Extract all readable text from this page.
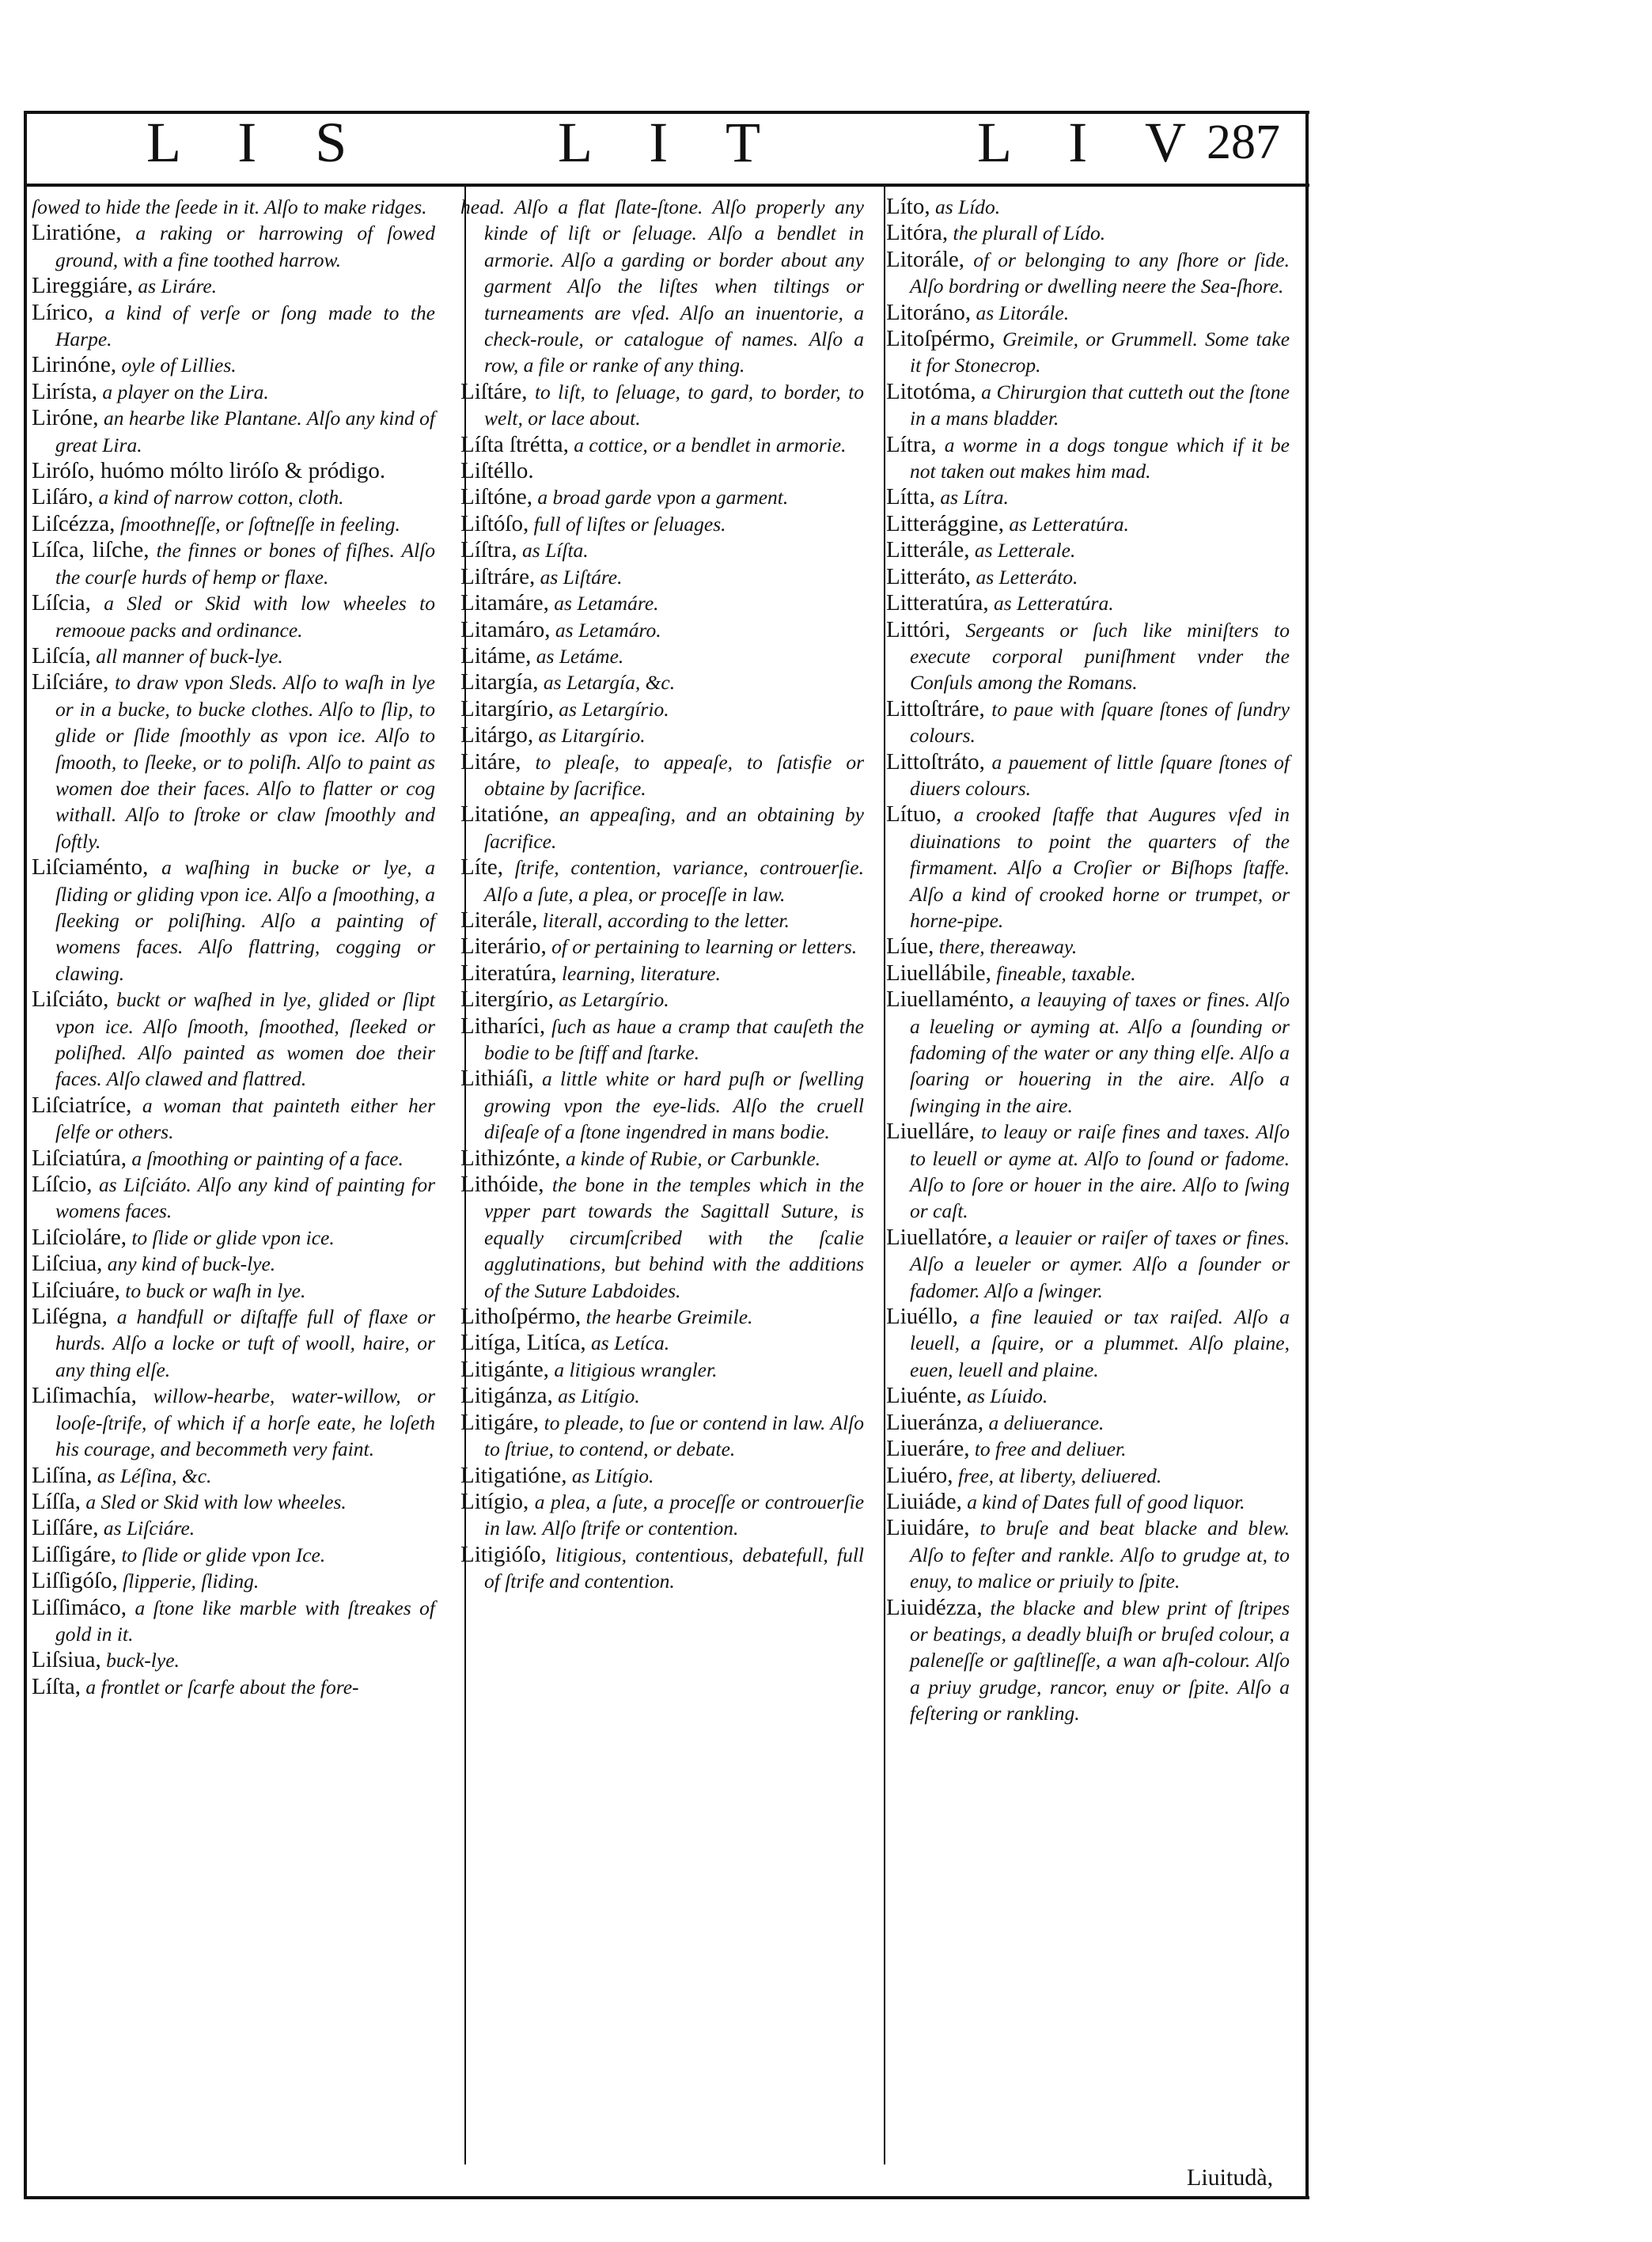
L I S	L I T	L I V
287
ſowed to hide the ſeede in it. Alſo to make ridges.
Liratióne, a raking or harrowing of ſowed ground, with a fine toothed harrow.
Lireggiáre, as Liráre.
Lírico, a kind of verſe or ſong made to the Harpe.
Lirinóne, oyle of Lillies.
Lirísta, a player on the Lira.
Liróne, an hearbe like Plantane. Alſo any kind of great Lira.
Liróſo, huómo mólto liróſo & pródigo.
Liſáro, a kind of narrow cotton, cloth.
Liſcézza, ſmoothneſſe, or ſoftneſſe in feeling.
Líſca, liſche, the finnes or bones of fiſhes. Alſo the courſe hurds of hemp or flaxe.
Líſcia, a Sled or Skid with low wheeles to remooue packs and ordinance.
Liſcía, all manner of buck-lye.
Liſciáre, to draw vpon Sleds. Alſo to waſh in lye or in a bucke, to bucke clothes. Alſo to ſlip, to glide or ſlide ſmoothly as vpon ice. Alſo to ſmooth, to ſleeke, or to poliſh. Alſo to paint as women doe their faces. Alſo to flatter or cog withall. Alſo to ſtroke or claw ſmoothly and ſoftly.
Liſciaménto, a waſhing in bucke or lye, a ſliding or gliding vpon ice. Alſo a ſmoothing, a ſleeking or poliſhing. Alſo a painting of womens faces. Alſo flattring, cogging or clawing.
Liſciáto, buckt or waſhed in lye, glided or ſlipt vpon ice. Alſo ſmooth, ſmoothed, ſleeked or poliſhed. Alſo painted as women doe their faces. Alſo clawed and flattred.
Liſciatríce, a woman that painteth either her ſelfe or others.
Liſciatúra, a ſmoothing or painting of a face.
Líſcio, as Liſciáto. Alſo any kind of painting for womens faces.
Liſcioláre, to ſlide or glide vpon ice.
Liſciua, any kind of buck-lye.
Liſciuáre, to buck or waſh in lye.
Liſégna, a handfull or diſtaffe full of flaxe or hurds. Alſo a locke or tuft of wooll, haire, or any thing elſe.
Liſimachía, willow-hearbe, water-willow, or looſe-ſtrife, of which if a horſe eate, he loſeth his courage, and becommeth very faint.
Liſína, as Léſina, &c.
Líſſa, a Sled or Skid with low wheeles.
Liſſáre, as Liſciáre.
Liſſigáre, to ſlide or glide vpon Ice.
Liſſigóſo, ſlipperie, ſliding.
Liſſimáco, a ſtone like marble with ſtreakes of gold in it.
Liſsiua, buck-lye.
Líſta, a frontlet or ſcarfe about the fore-
head. Alſo a flat ſlate-ſtone. Alſo properly any kinde of liſt or ſeluage. Alſo a bendlet in armorie. Alſo a garding or border about any garment Alſo the liſtes when tiltings or turneaments are vſed. Alſo an inuentorie, a check-roule, or catalogue of names. Alſo a row, a file or ranke of any thing.
Liſtáre, to liſt, to ſeluage, to gard, to border, to welt, or lace about.
Líſta ſtrétta, a cottice, or a bendlet in armorie.
Liſtéllo.
Liſtóne, a broad garde vpon a garment.
Liſtóſo, full of liſtes or ſeluages.
Líſtra, as Líſta.
Liſtráre, as Liſtáre.
Litamáre, as Letamáre.
Litamáro, as Letamáro.
Litáme, as Letáme.
Litargía, as Letargía, &c.
Litargírio, as Letargírio.
Litárgo, as Litargírio.
Litáre, to pleaſe, to appeaſe, to ſatisfie or obtaine by ſacrifice.
Litatióne, an appeaſing, and an obtaining by ſacrifice.
Líte, ſtrife, contention, variance, controuerſie. Alſo a ſute, a plea, or proceſſe in law.
Literále, literall, according to the letter.
Literário, of or pertaining to learning or letters.
Literatúra, learning, literature.
Litergírio, as Letargírio.
Litharíci, ſuch as haue a cramp that cauſeth the bodie to be ſtiff and ſtarke.
Lithiáſi, a little white or hard puſh or ſwelling growing vpon the eye-lids. Alſo the cruell diſeaſe of a ſtone ingendred in mans bodie.
Lithizónte, a kinde of Rubie, or Carbunkle.
Lithóide, the bone in the temples which in the vpper part towards the Sagittall Suture, is equally circumſcribed with the ſcalie agglutinations, but behind with the additions of the Suture Labdoides.
Lithoſpérmo, the hearbe Greimile.
Litíga, Litíca, as Letíca.
Litigánte, a litigious wrangler.
Litigánza, as Litígio.
Litigáre, to pleade, to ſue or contend in law. Alſo to ſtriue, to contend, or debate.
Litigatióne, as Litígio.
Litígio, a plea, a ſute, a proceſſe or controuerſie in law. Alſo ſtrife or contention.
Litigióſo, litigious, contentious, debatefull, full of ſtrife and contention.
Líto, as Lído.
Litóra, the plurall of Lído.
Litorále, of or belonging to any ſhore or ſide. Alſo bordring or dwelling neere the Sea-ſhore.
Litoráno, as Litorále.
Litoſpérmo, Greimile, or Grummell. Some take it for Stonecrop.
Litotóma, a Chirurgion that cutteth out the ſtone in a mans bladder.
Lítra, a worme in a dogs tongue which if it be not taken out makes him mad.
Lítta, as Lítra.
Litterággine, as Letteratúra.
Litterále, as Letterale.
Litteráto, as Letteráto.
Litteratúra, as Letteratúra.
Littóri, Sergeants or ſuch like miniſters to execute corporal puniſhment vnder the Conſuls among the Romans.
Littoſtráre, to paue with ſquare ſtones of ſundry colours.
Littoſtráto, a pauement of little ſquare ſtones of diuers colours.
Lítuo, a crooked ſtaffe that Augures vſed in diuinations to point the quarters of the firmament. Alſo a Croſier or Biſhops ſtaffe. Alſo a kind of crooked horne or trumpet, or horne-pipe.
Líue, there, thereaway.
Liuellábile, fineable, taxable.
Liuellaménto, a leauying of taxes or fines. Alſo a leueling or ayming at. Alſo a ſounding or fadoming of the water or any thing elſe. Alſo a ſoaring or houering in the aire. Alſo a ſwinging in the aire.
Liuelláre, to leauy or raiſe fines and taxes. Alſo to leuell or ayme at. Alſo to ſound or fadome. Alſo to ſore or houer in the aire. Alſo to ſwing or caſt.
Liuellatóre, a leauier or raiſer of taxes or fines. Alſo a leueler or aymer. Alſo a ſounder or fadomer. Alſo a ſwinger.
Liuéllo, a fine leauied or tax raiſed. Alſo a leuell, a ſquire, or a plummet. Alſo plaine, euen, leuell and plaine.
Liuénte, as Líuido.
Liueránza, a deliuerance.
Liueráre, to free and deliuer.
Liuéro, free, at liberty, deliuered.
Liuiáde, a kind of Dates full of good liquor.
Liuidáre, to bruſe and beat blacke and blew. Alſo to feſter and rankle. Alſo to grudge at, to enuy, to malice or priuily to ſpite.
Liuidézza, the blacke and blew print of ſtripes or beatings, a deadly bluiſh or bruſed colour, a paleneſſe or gaſtlineſſe, a wan aſh-colour. Alſo a priuy grudge, rancor, enuy or ſpite. Alſo a feſtering or rankling.
Liuitudà,
